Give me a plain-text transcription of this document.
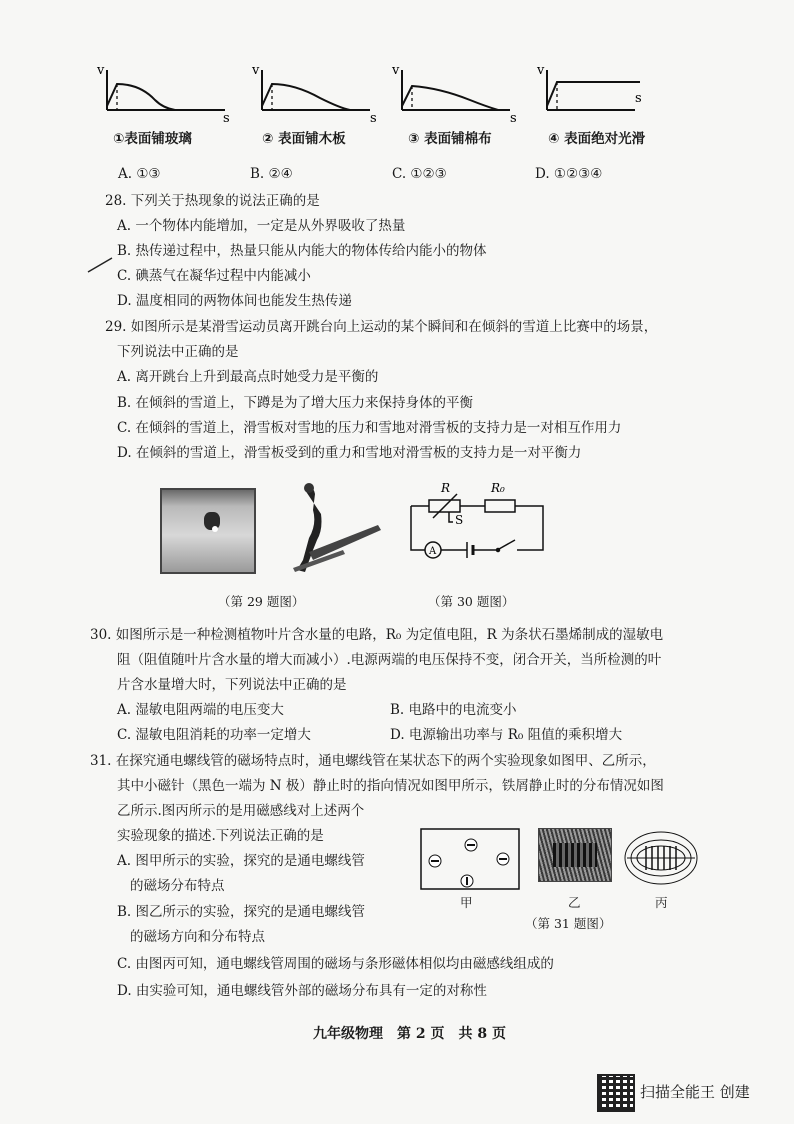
v
s
v
s
v
s
v
s
①表面铺玻璃	② 表面铺木板	③ 表面铺棉布	④ 表面绝对光滑
A. ①③	B. ②④	C. ①②③	D. ①②③④
28. 下列关于热现象的说法正确的是
A. 一个物体内能增加，一定是从外界吸收了热量
B. 热传递过程中，热量只能从内能大的物体传给内能小的物体
C. 碘蒸气在凝华过程中内能减小
D. 温度相同的两物体间也能发生热传递
29. 如图所示是某滑雪运动员离开跳台向上运动的某个瞬间和在倾斜的雪道上比赛中的场景，
下列说法中正确的是
A. 离开跳台上升到最高点时她受力是平衡的
B. 在倾斜的雪道上，下蹲是为了增大压力来保持身体的平衡
C. 在倾斜的雪道上，滑雪板对雪地的压力和雪地对滑雪板的支持力是一对相互作用力
D. 在倾斜的雪道上，滑雪板受到的重力和雪地对滑雪板的支持力是一对平衡力
（第 29 题图）
R	R₀
S
A
（第 30 题图）
30. 如图所示是一种检测植物叶片含水量的电路，R₀ 为定值电阻，R 为条状石墨烯制成的湿敏电
阻（阻值随叶片含水量的增大而减小）.电源两端的电压保持不变，闭合开关，当所检测的叶
片含水量增大时，下列说法中正确的是
A. 湿敏电阻两端的电压变大	B. 电路中的电流变小
C. 湿敏电阻消耗的功率一定增大	D. 电源输出功率与 R₀ 阻值的乘积增大
31. 在探究通电螺线管的磁场特点时，通电螺线管在某状态下的两个实验现象如图甲、乙所示，
其中小磁针（黑色一端为 N 极）静止时的指向情况如图甲所示，铁屑静止时的分布情况如图
乙所示.图丙所示的是用磁感线对上述两个
实验现象的描述.下列说法正确的是
A. 图甲所示的实验，探究的是通电螺线管
的磁场分布特点
B. 图乙所示的实验，探究的是通电螺线管
的磁场方向和分布特点
C. 由图丙可知，通电螺线管周围的磁场与条形磁体相似均由磁感线组成的
D. 由实验可知，通电螺线管外部的磁场分布具有一定的对称性
甲	乙	丙
（第 31 题图）
九年级物理　第 2 页　共 8 页
扫描全能王 创建
